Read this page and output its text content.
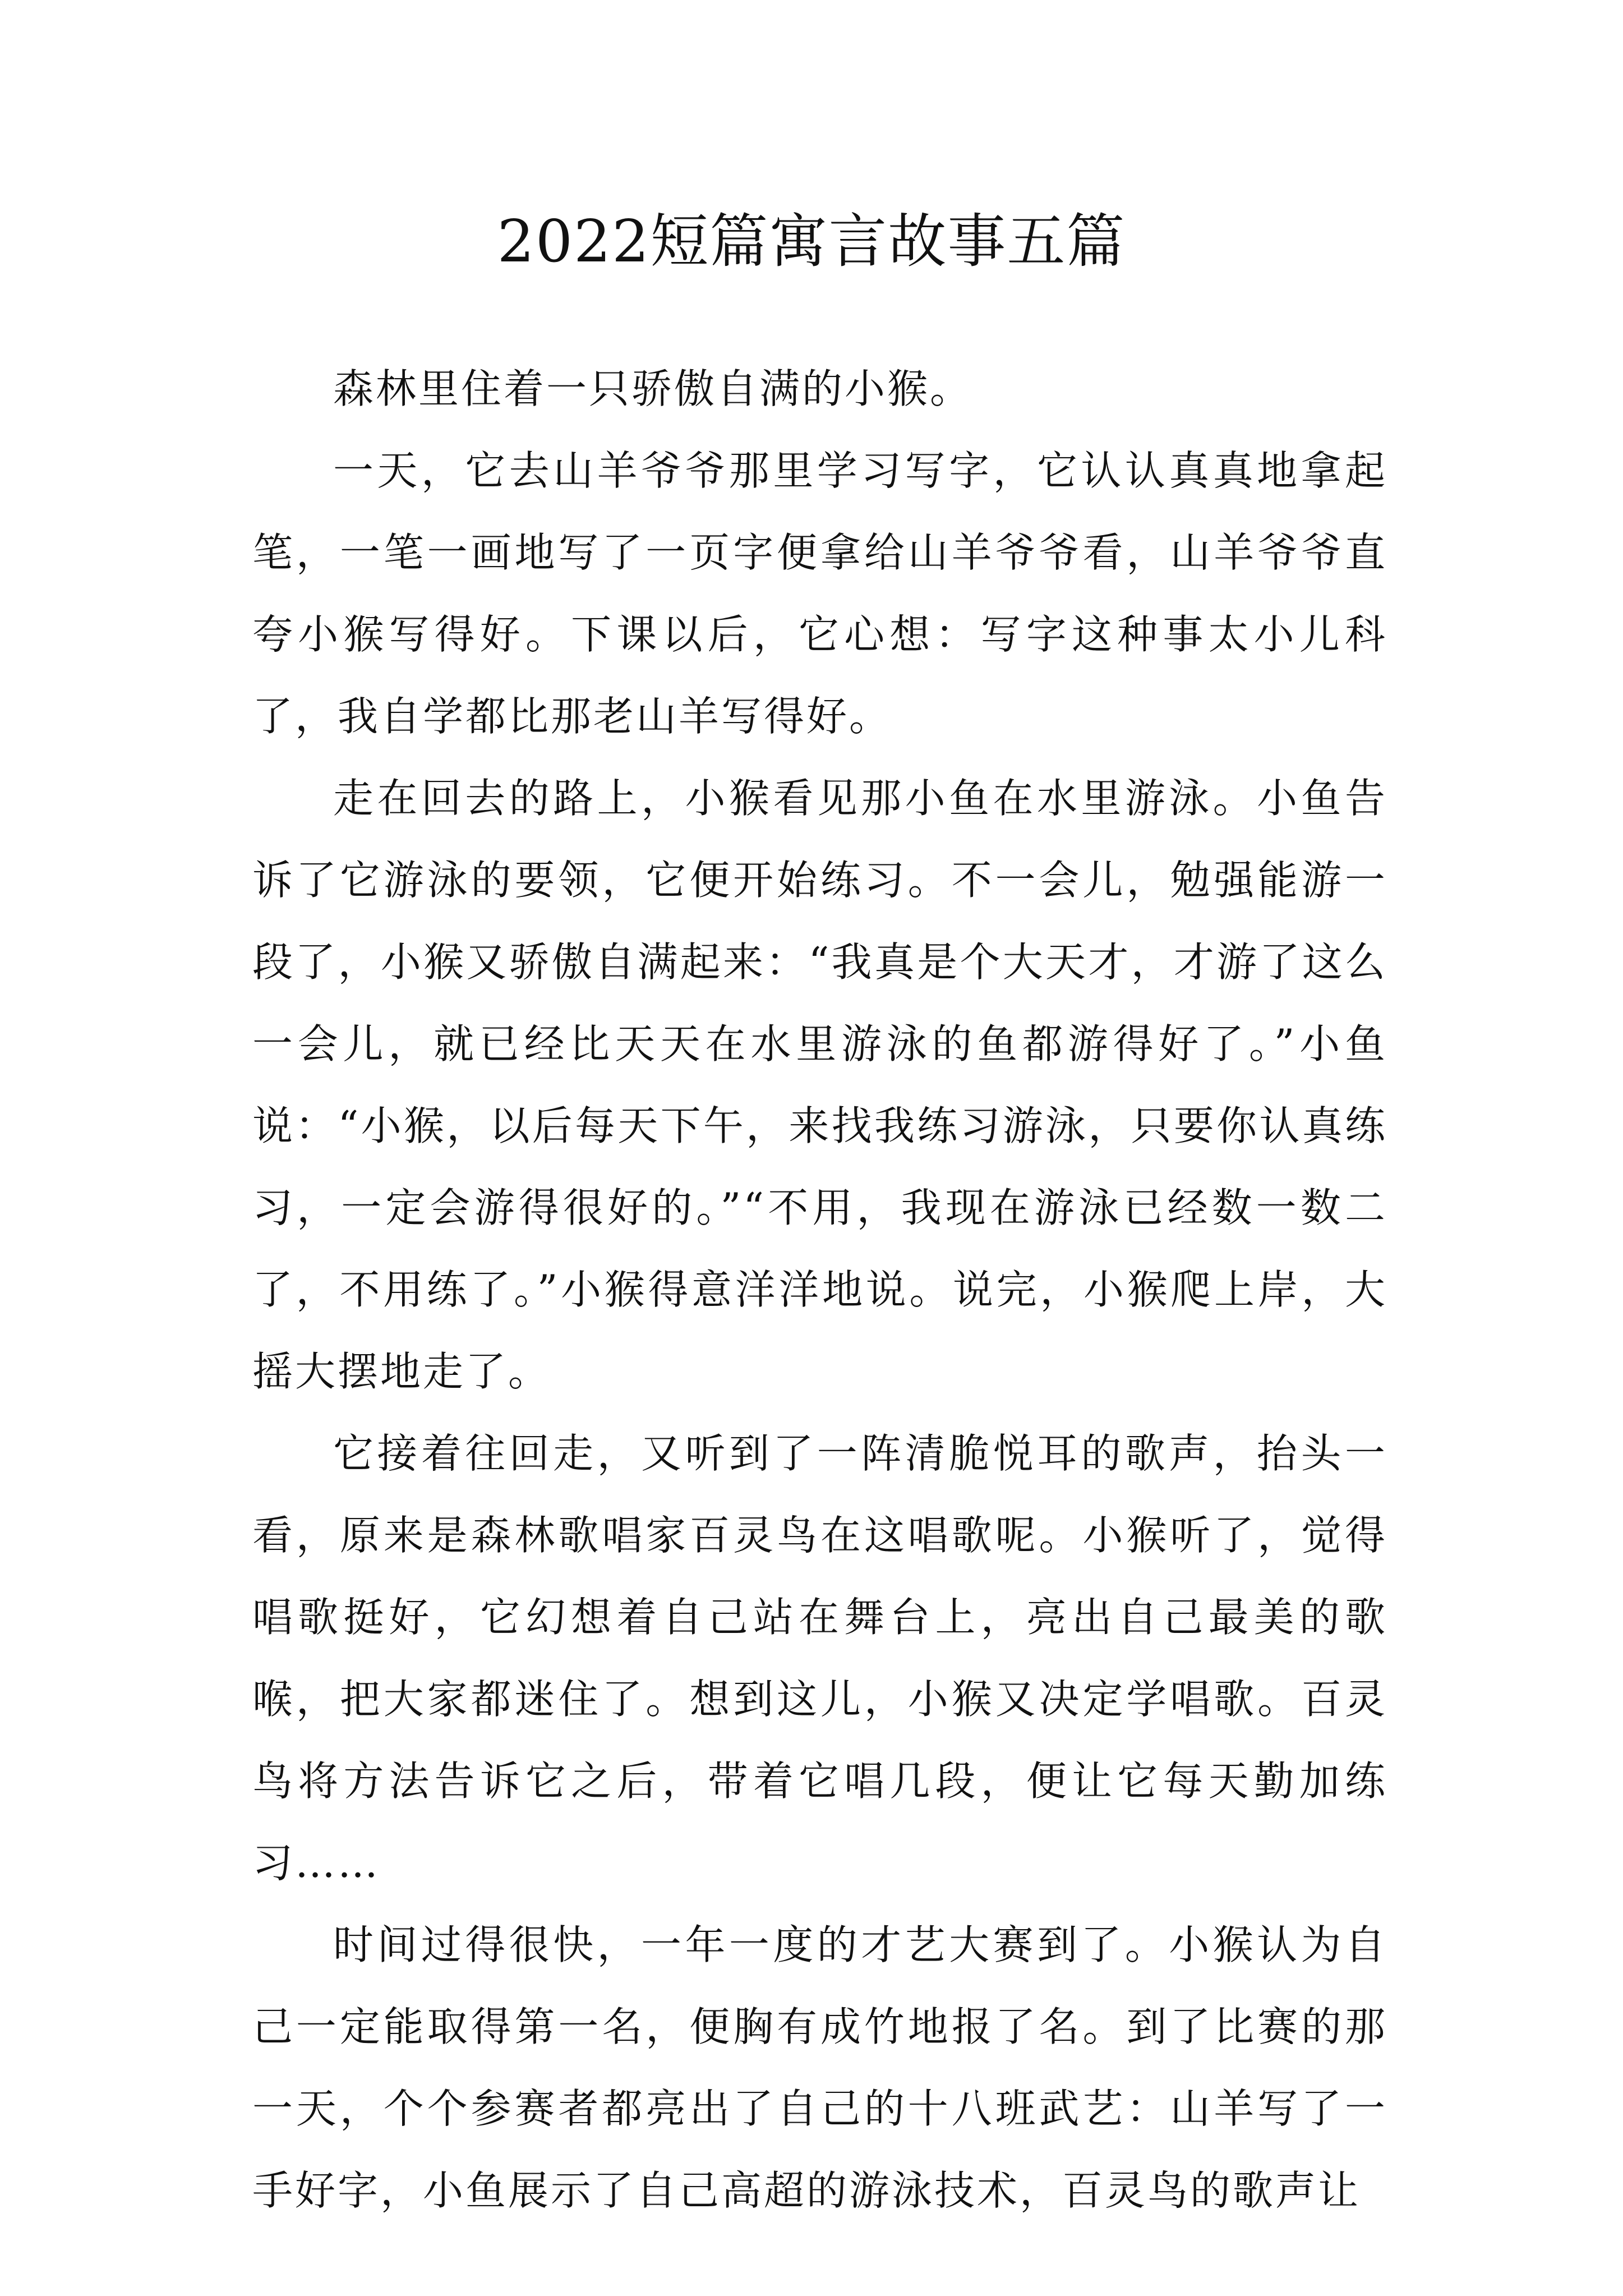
2022短篇寓言故事五篇

森林里住着一只骄傲自满的小猴。

一天，它去山羊爷爷那里学习写字，它认认真真地拿起笔，一笔一画地写了一页字便拿给山羊爷爷看，山羊爷爷直夸小猴写得好。下课以后，它心想：写字这种事太小儿科了，我自学都比那老山羊写得好。

走在回去的路上，小猴看见那小鱼在水里游泳。小鱼告诉了它游泳的要领，它便开始练习。不一会儿，勉强能游一段了，小猴又骄傲自满起来：“我真是个大天才，才游了这么一会儿，就已经比天天在水里游泳的鱼都游得好了。”小鱼说：“小猴，以后每天下午，来找我练习游泳，只要你认真练习，一定会游得很好的。”“不用，我现在游泳已经数一数二了，不用练了。”小猴得意洋洋地说。说完，小猴爬上岸，大摇大摆地走了。

它接着往回走，又听到了一阵清脆悦耳的歌声，抬头一看，原来是森林歌唱家百灵鸟在这唱歌呢。小猴听了，觉得唱歌挺好，它幻想着自己站在舞台上，亮出自己最美的歌喉，把大家都迷住了。想到这儿，小猴又决定学唱歌。百灵鸟将方法告诉它之后，带着它唱几段，便让它每天勤加练习……

时间过得很快，一年一度的才艺大赛到了。小猴认为自己一定能取得第一名，便胸有成竹地报了名。到了比赛的那一天，个个参赛者都亮出了自己的十八班武艺：山羊写了一手好字，小鱼展示了自己高超的游泳技术，百灵鸟的歌声让
